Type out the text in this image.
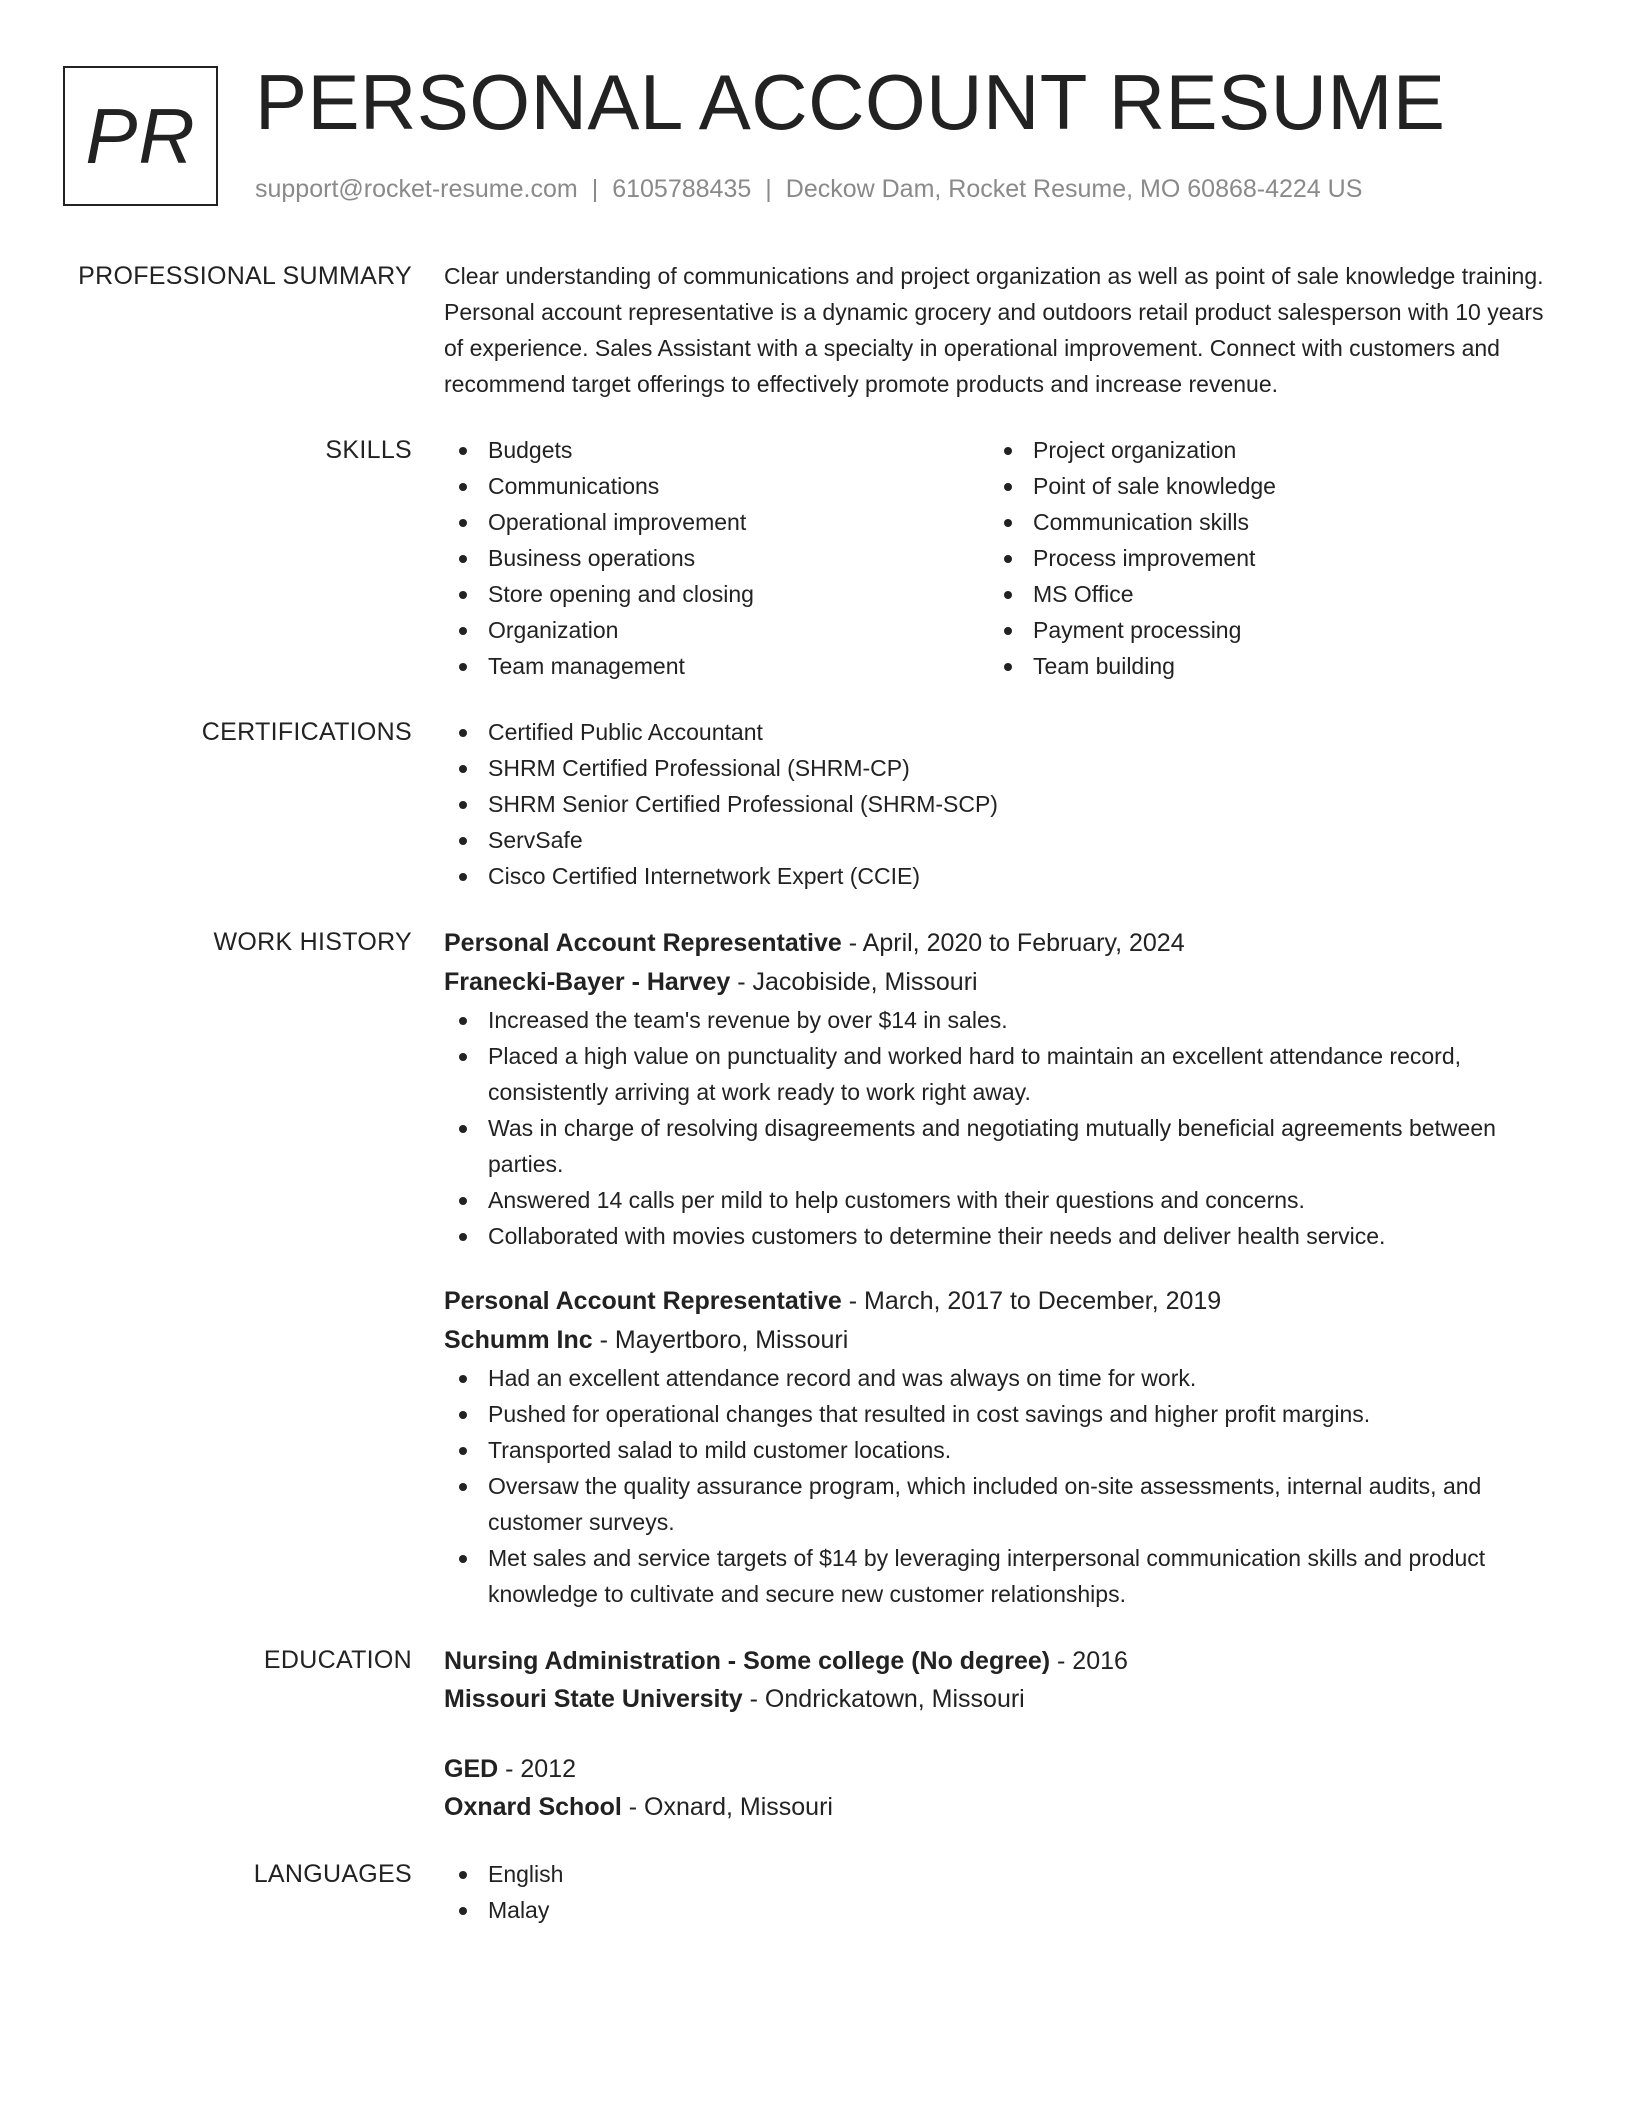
PR PERSONAL ACCOUNT RESUME
support@rocket-resume.com | 6105788435 | Deckow Dam, Rocket Resume, MO 60868-4224 US
PROFESSIONAL SUMMARY Clear understanding of communications and project organization as well as point of sale knowledge training. Personal account representative is a dynamic grocery and outdoors retail product salesperson with 10 years of experience. Sales Assistant with a specialty in operational improvement. Connect with customers and recommend target offerings to effectively promote products and increase revenue.

SKILLS	Budgets
Communications
Operational improvement
Business operations
Store opening and closing
Organization
Team management
Project organization
Point of sale knowledge
Communication skills
Process improvement
MS Office
Payment processing
Team building
CERTIFICATIONS	Certified Public Accountant
SHRM Certified Professional (SHRM-CP)
SHRM Senior Certified Professional (SHRM-SCP)
ServSafe
Cisco Certified Internetwork Expert (CCIE)
WORK HISTORY Personal Account Representative - April, 2020 to February, 2024
Franecki-Bayer - Harvey - Jacobiside, Missouri
Increased the team's revenue by over $14 in sales.
Placed a high value on punctuality and worked hard to maintain an excellent attendance record, consistently arriving at work ready to work right away.
Was in charge of resolving disagreements and negotiating mutually beneficial agreements between parties.
Answered 14 calls per mild to help customers with their questions and concerns.
Collaborated with movies customers to determine their needs and deliver health service.
Personal Account Representative - March, 2017 to December, 2019
Schumm Inc - Mayertboro, Missouri
Had an excellent attendance record and was always on time for work.
Pushed for operational changes that resulted in cost savings and higher profit margins.
Transported salad to mild customer locations.
Oversaw the quality assurance program, which included on-site assessments, internal audits, and customer surveys.
Met sales and service targets of $14 by leveraging interpersonal communication skills and product knowledge to cultivate and secure new customer relationships.
EDUCATION Nursing Administration - Some college (No degree) - 2016
Missouri State University - Ondrickatown, Missouri
GED - 2012
Oxnard School - Oxnard, Missouri
LANGUAGES	English
Malay
